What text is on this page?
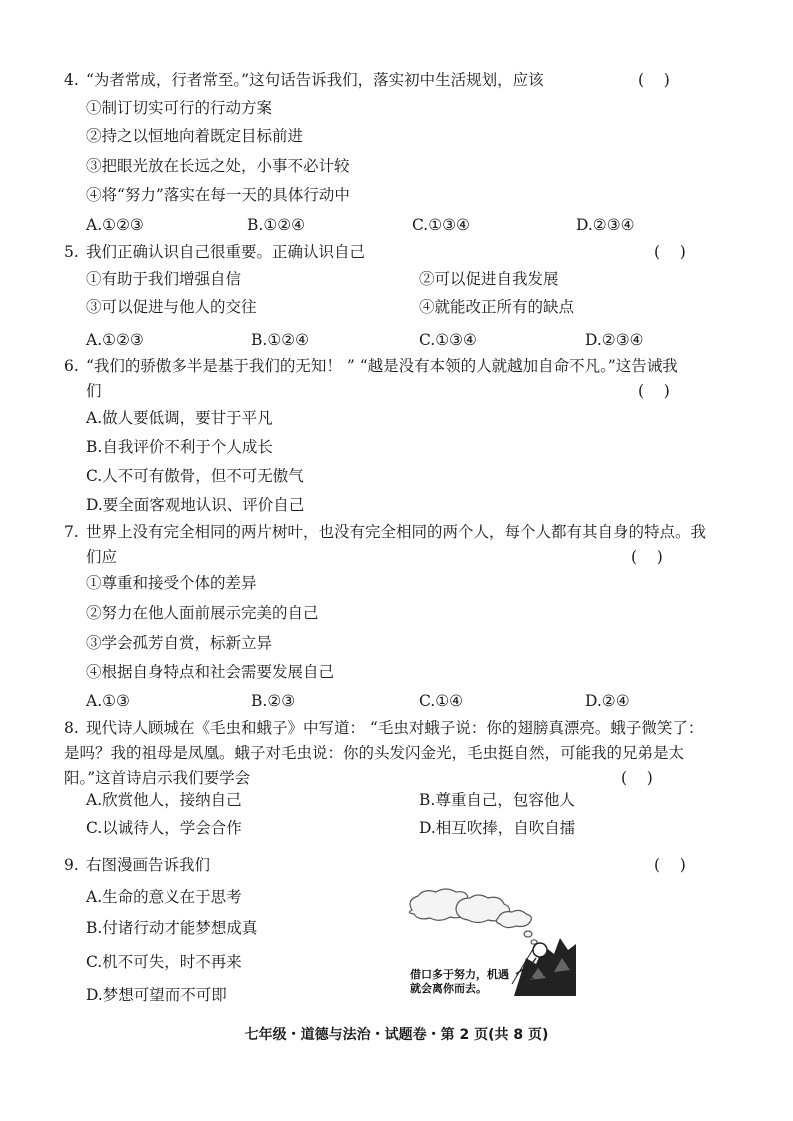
4. “为者常成，行者常至。”这句话告诉我们，落实初中生活规划，应该	(    )
①制订切实可行的行动方案
②持之以恒地向着既定目标前进
③把眼光放在长远之处，小事不必计较
④将“努力”落实在每一天的具体行动中
A.①②③	B.①②④	C.①③④	D.②③④
5. 我们正确认识自己很重要。正确认识自己	(    )
①有助于我们增强自信	②可以促进自我发展
③可以促进与他人的交往	④就能改正所有的缺点
A.①②③	B.①②④	C.①③④	D.②③④
6. “我们的骄傲多半是基于我们的无知！ ” “越是没有本领的人就越加自命不凡。”这告诫我
们	(    )
A.做人要低调，要甘于平凡
B.自我评价不利于个人成长
C.人不可有傲骨，但不可无傲气
D.要全面客观地认识、评价自己
7. 世界上没有完全相同的两片树叶，也没有完全相同的两个人，每个人都有其自身的特点。我
们应	(    )
①尊重和接受个体的差异
②努力在他人面前展示完美的自己
③学会孤芳自赏，标新立异
④根据自身特点和社会需要发展自己
A.①③	B.②③	C.①④	D.②④
8. 现代诗人顾城在《毛虫和蛾子》中写道： “毛虫对蛾子说：你的翅膀真漂亮。蛾子微笑了：
是吗？我的祖母是凤凰。蛾子对毛虫说：你的头发闪金光，毛虫挺自然，可能我的兄弟是太
阳。”这首诗启示我们要学会	(    )
A.欣赏他人，接纳自己	B.尊重自己，包容他人
C.以诚待人，学会合作	D.相互吹捧，自吹自擂
9. 右图漫画告诉我们	(    )
A.生命的意义在于思考
B.付诸行动才能梦想成真
C.机不可失，时不再来
D.梦想可望而不可即
借口多于努力，机遇
就会离你而去。
七年级・道德与法治・试题卷・第 2 页(共 8 页)
